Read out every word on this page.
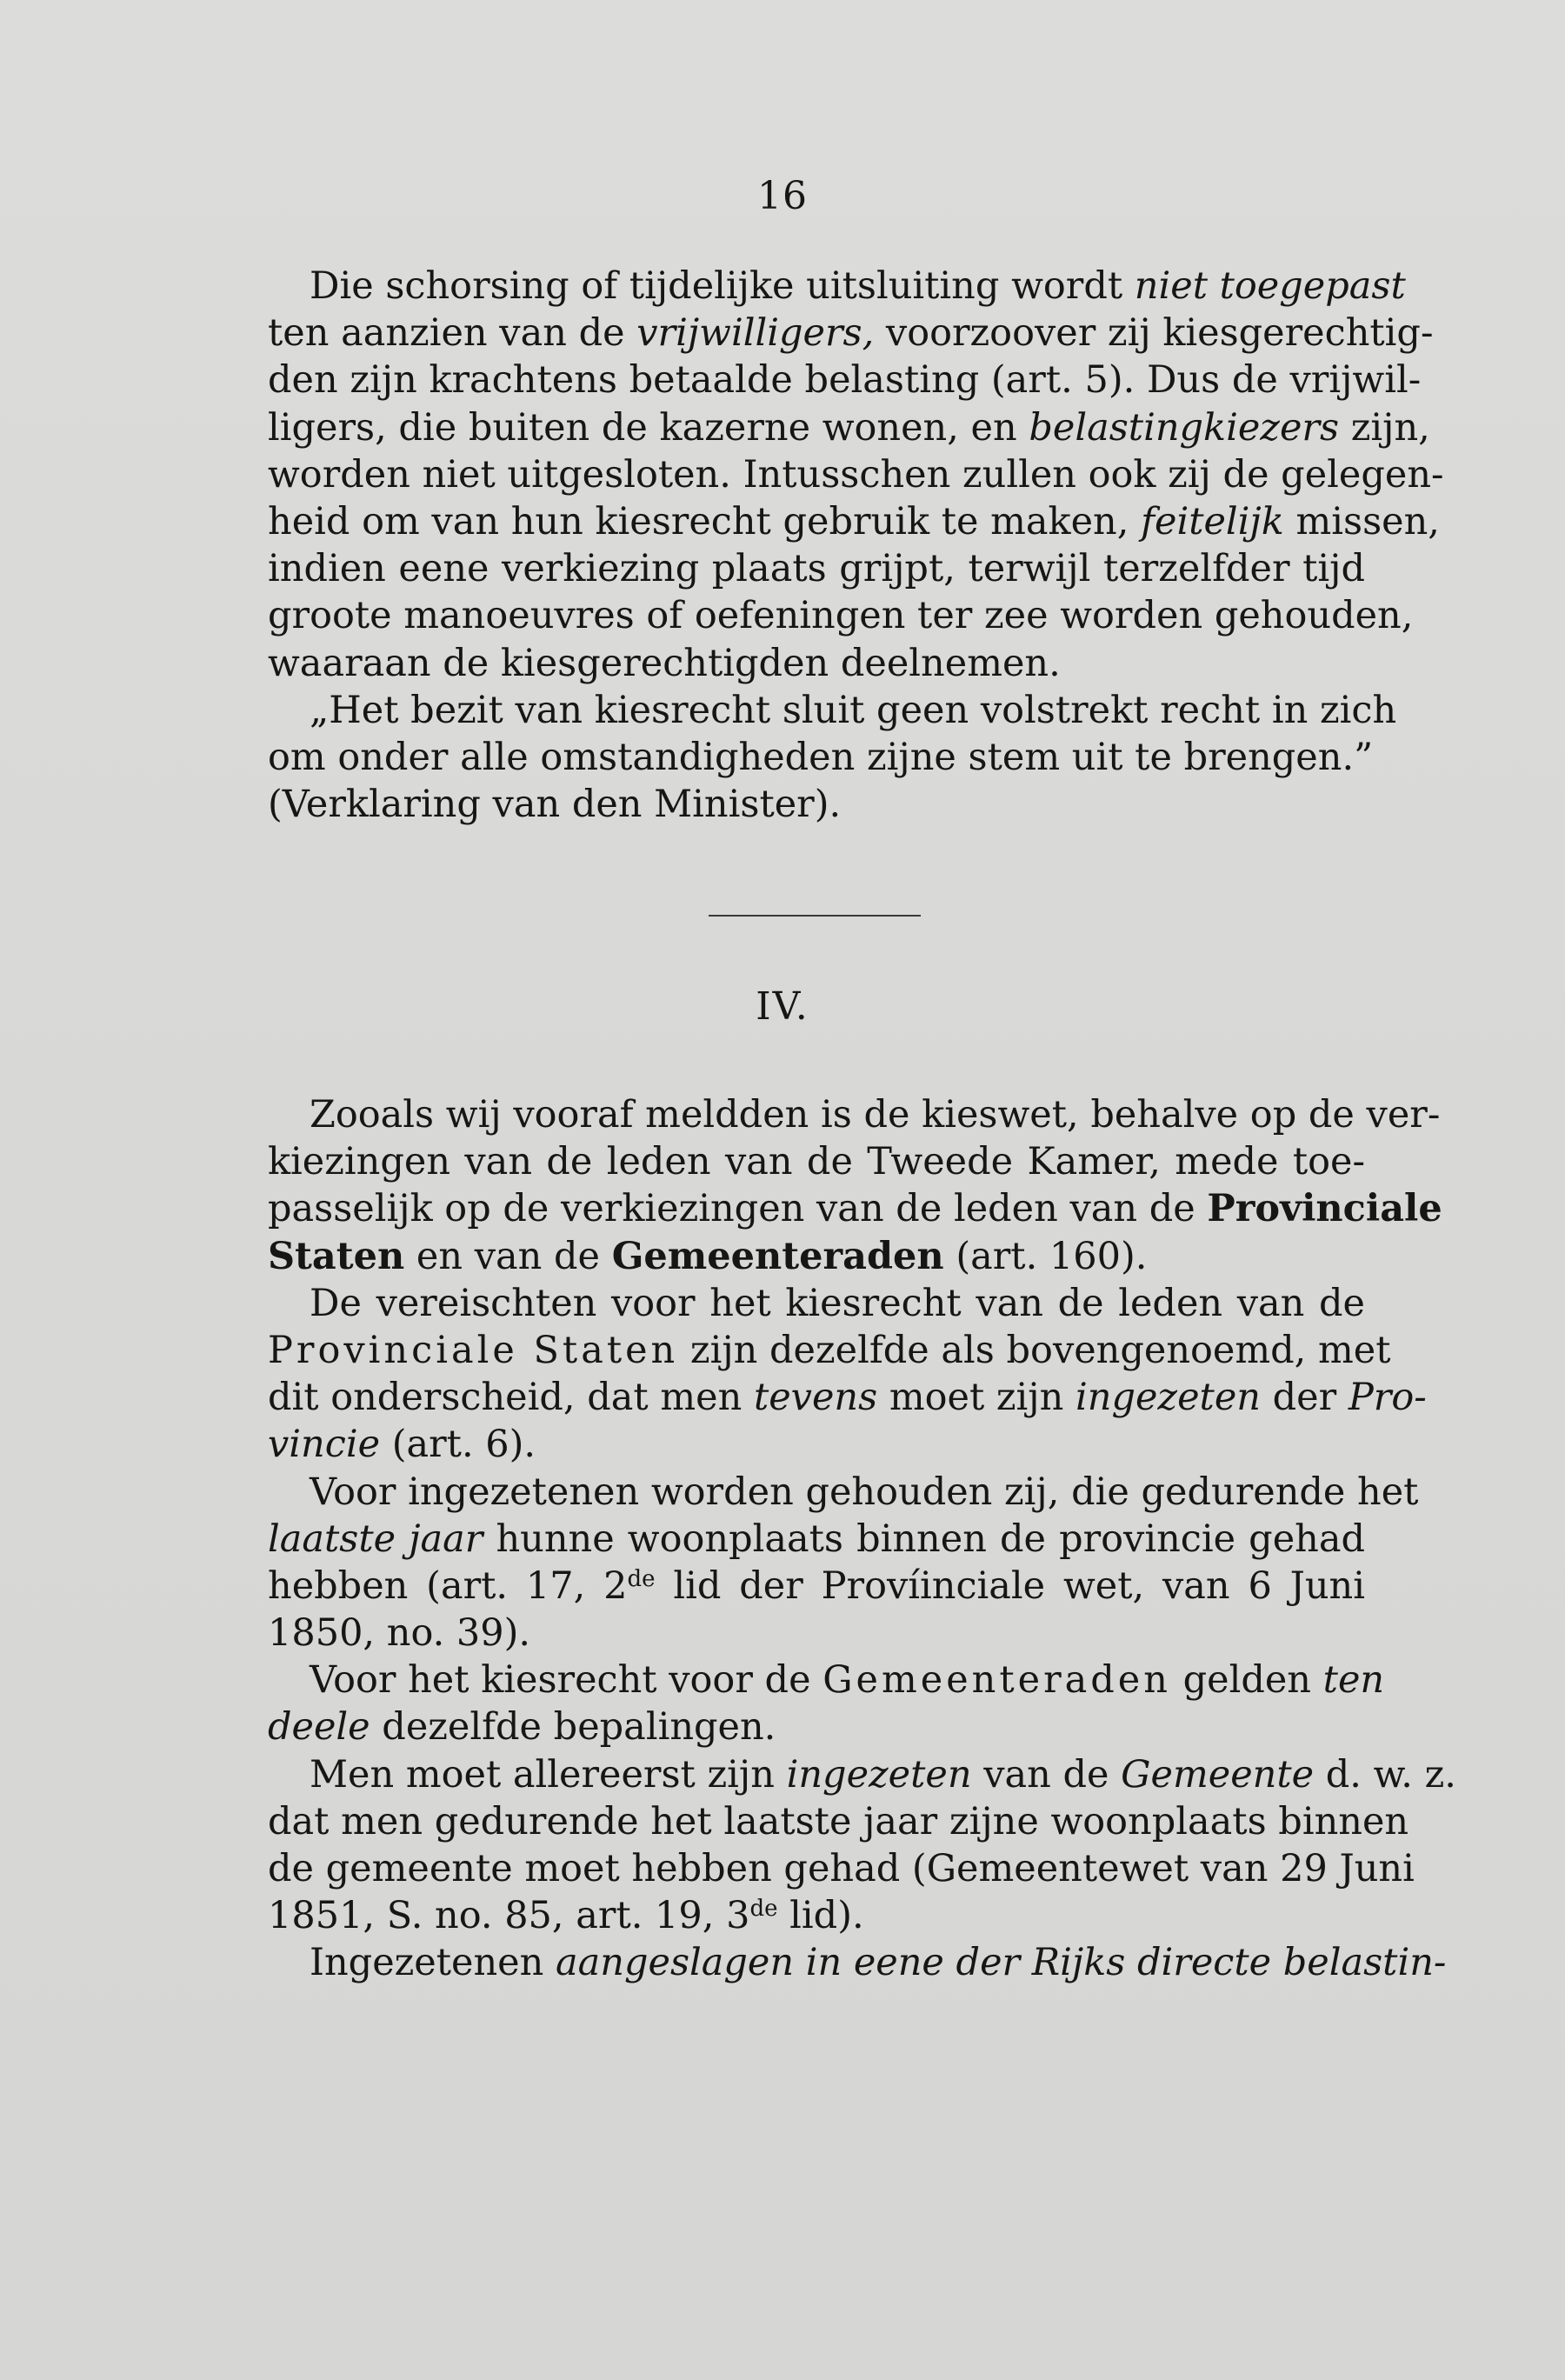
16
Die schorsing of tijdelijke uitsluiting wordt niet toegepast
ten aanzien van de vrijwilligers, voorzoover zij kiesgerechtig-
den zijn krachtens betaalde belasting (art. 5). Dus de vrijwil-
ligers, die buiten de kazerne wonen, en belastingkiezers zijn,
worden niet uitgesloten. Intusschen zullen ook zij de gelegen-
heid om van hun kiesrecht gebruik te maken, feitelijk missen,
indien eene verkiezing plaats grijpt, terwijl terzelfder tijd
groote manoeuvres of oefeningen ter zee worden gehouden,
waaraan de kiesgerechtigden deelnemen.
„Het bezit van kiesrecht sluit geen volstrekt recht in zich
om onder alle omstandigheden zijne stem uit te brengen.”
(Verklaring van den Minister).
IV.
Zooals wij vooraf meldden is de kieswet, behalve op de ver-
kiezingen van de leden van de Tweede Kamer, mede toe-
passelijk op de verkiezingen van de leden van de Provinciale
Staten en van de Gemeenteraden (art. 160).
De vereischten voor het kiesrecht van de leden van de
Provinciale Staten zijn dezelfde als bovengenoemd, met
dit onderscheid, dat men tevens moet zijn ingezeten der Pro-
vincie (art. 6).
Voor ingezetenen worden gehouden zij, die gedurende het
laatste jaar hunne woonplaats binnen de provincie gehad
hebben (art. 17, 2de lid der Províinciale wet, van 6 Juni
1850, no. 39).
Voor het kiesrecht voor de Gemeenteraden gelden ten
deele dezelfde bepalingen.
Men moet allereerst zijn ingezeten van de Gemeente d. w. z.
dat men gedurende het laatste jaar zijne woonplaats binnen
de gemeente moet hebben gehad (Gemeentewet van 29 Juni
1851, S. no. 85, art. 19, 3de lid).
Ingezetenen aangeslagen in eene der Rijks directe belastin-
